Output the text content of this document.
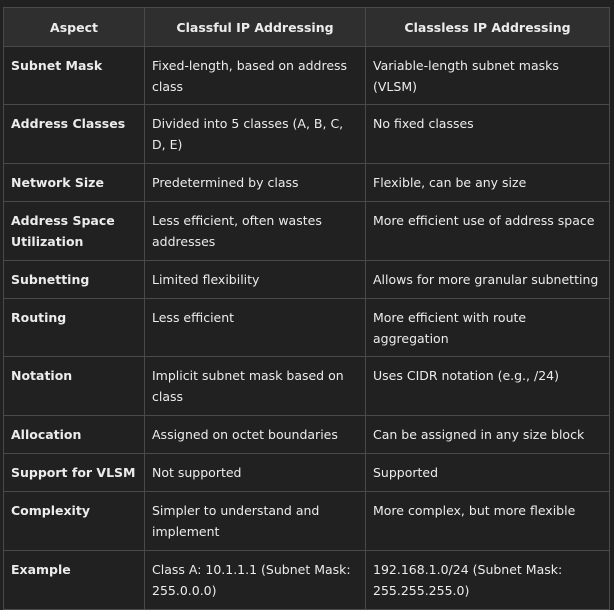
Aspect	Classful IP Addressing	Classless IP Addressing
Subnet Mask	Fixed-length, based on address class	Variable-length subnet masks (VLSM)
Address Classes	Divided into 5 classes (A, B, C, D, E)	No fixed classes
Network Size	Predetermined by class	Flexible, can be any size
Address Space Utilization	Less efficient, often wastes addresses	More efficient use of address space
Subnetting	Limited flexibility	Allows for more granular subnetting
Routing	Less efficient	More efficient with route aggregation
Notation	Implicit subnet mask based on class	Uses CIDR notation (e.g., /24)
Allocation	Assigned on octet boundaries	Can be assigned in any size block
Support for VLSM	Not supported	Supported
Complexity	Simpler to understand and implement	More complex, but more flexible
Example	Class A: 10.1.1.1 (Subnet Mask: 255.0.0.0)	192.168.1.0/24 (Subnet Mask: 255.255.255.0)
